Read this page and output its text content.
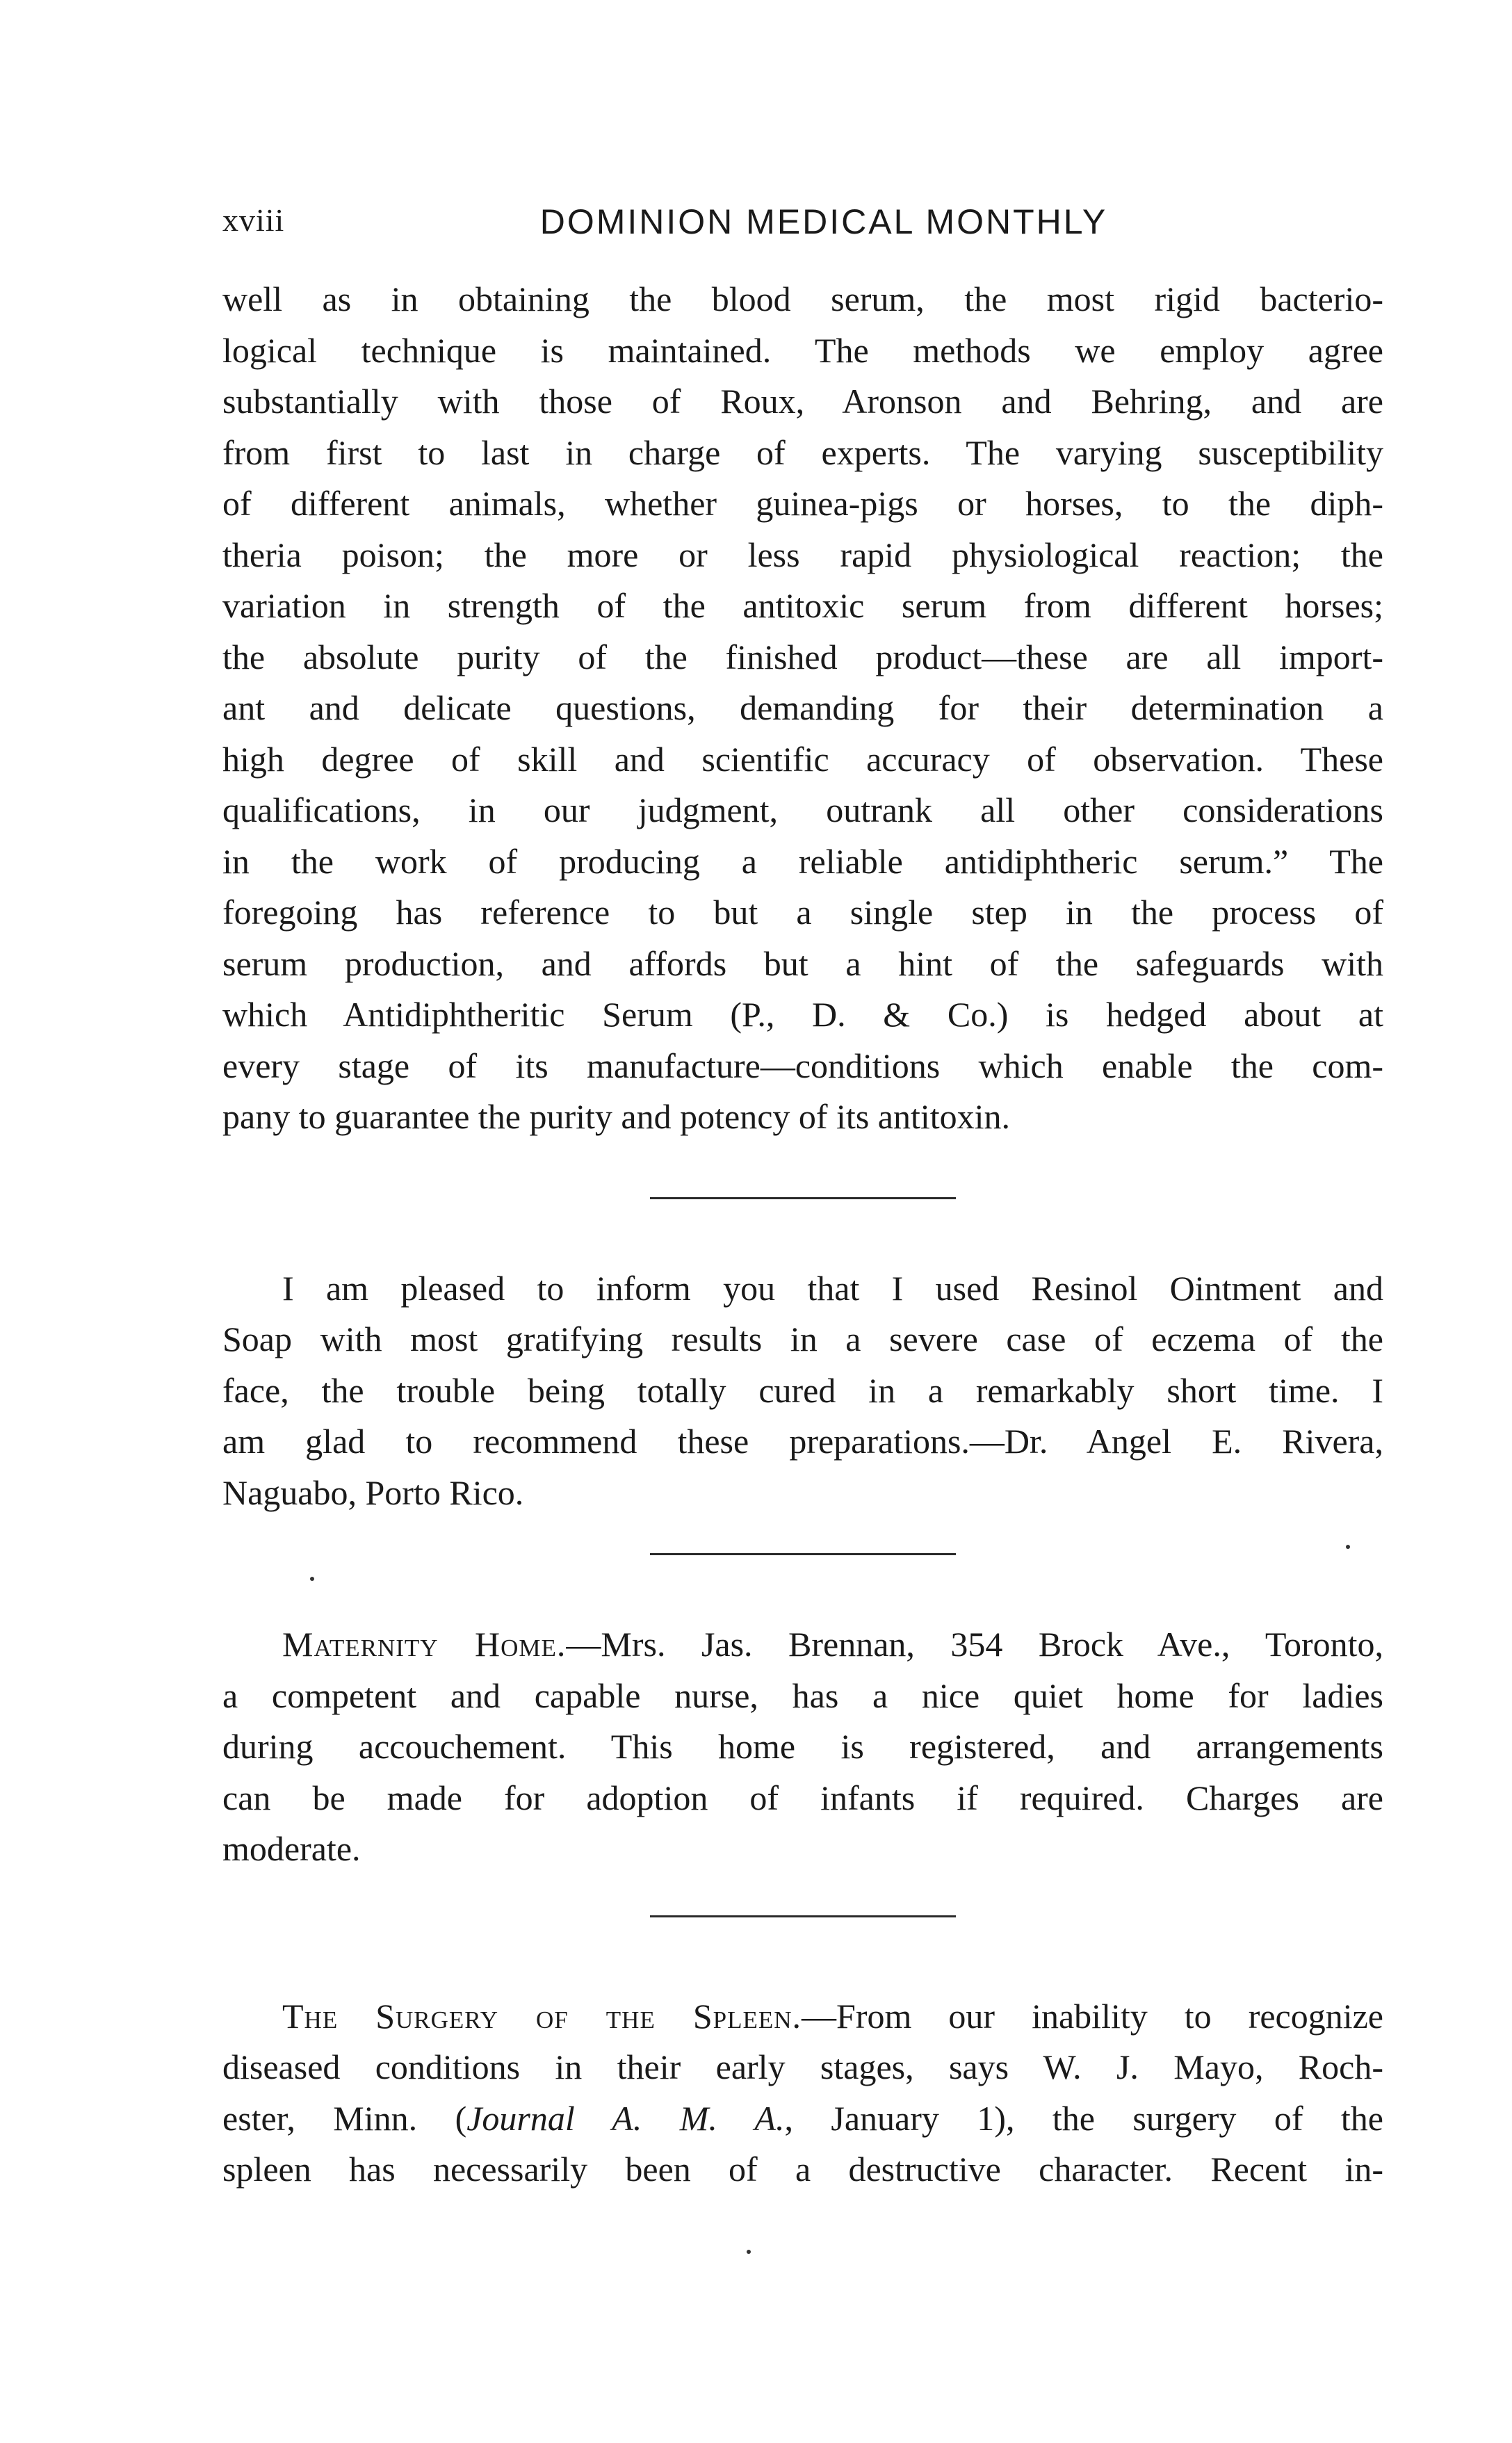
xviii	DOMINION MEDICAL MONTHLY
well as in obtaining the blood serum, the most rigid bacterio-
logical technique is maintained. The methods we employ agree
substantially with those of Roux, Aronson and Behring, and are
from first to last in charge of experts. The varying susceptibility
of different animals, whether guinea-pigs or horses, to the diph-
theria poison; the more or less rapid physiological reaction; the
variation in strength of the antitoxic serum from different horses;
the absolute purity of the finished product—these are all import-
ant and delicate questions, demanding for their determination a
high degree of skill and scientific accuracy of observation. These
qualifications, in our judgment, outrank all other considerations
in the work of producing a reliable antidiphtheric serum.” The
foregoing has reference to but a single step in the process of
serum production, and affords but a hint of the safeguards with
which Antidiphtheritic Serum (P., D. & Co.) is hedged about at
every stage of its manufacture—conditions which enable the com-
pany to guarantee the purity and potency of its antitoxin.
I am pleased to inform you that I used Resinol Ointment and
Soap with most gratifying results in a severe case of eczema of the
face, the trouble being totally cured in a remarkably short time. I
am glad to recommend these preparations.—Dr. Angel E. Rivera,
Naguabo, Porto Rico.
Maternity Home.—Mrs. Jas. Brennan, 354 Brock Ave., Toronto,
a competent and capable nurse, has a nice quiet home for ladies
during accouchement. This home is registered, and arrangements
can be made for adoption of infants if required. Charges are
moderate.
The Surgery of the Spleen.—From our inability to recognize
diseased conditions in their early stages, says W. J. Mayo, Roch-
ester, Minn. (Journal A. M. A., January 1), the surgery of the
spleen has necessarily been of a destructive character. Recent in-
